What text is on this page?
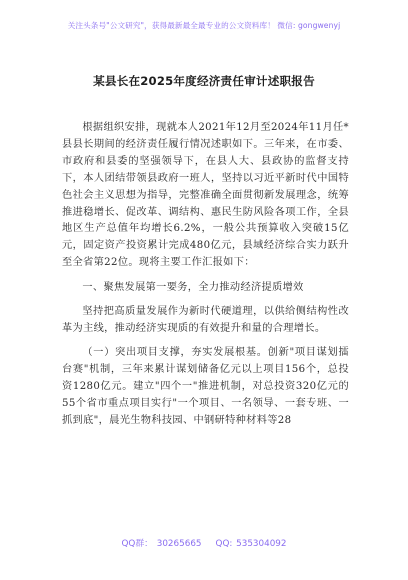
关注头条号"公文研究"，获得最新最全最专业的公文资料库！ 微信: gongwenyj
某县长在2025年度经济责任审计述职报告

根据组织安排，现就本人2021年12月至2024年11月任*县县长期间的经济责任履行情况述职如下。三年来，在市委、市政府和县委的坚强领导下，在县人大、县政协的监督支持下，本人团结带领县政府一班人，坚持以习近平新时代中国特色社会主义思想为指导，完整准确全面贯彻新发展理念，统筹推进稳增长、促改革、调结构、惠民生防风险各项工作，全县地区生产总值年均增长6.2%，一般公共预算收入突破15亿元，固定资产投资累计完成480亿元，县域经济综合实力跃升至全省第22位。现将主要工作汇报如下：

一、聚焦发展第一要务，全力推动经济提质增效

坚持把高质量发展作为新时代硬道理，以供给侧结构性改革为主线，推动经济实现质的有效提升和量的合理增长。

（一）突出项目支撑，夯实发展根基。创新"项目谋划擂台赛"机制，三年来累计谋划储备亿元以上项目156个，总投资1280亿元。建立"四个一"推进机制，对总投资320亿元的55个省市重点项目实行"一个项目、一名领导、一套专班、一抓到底"，晨光生物科技园、中钢研特种材料等28

QQ群： 30265665 QQ: 535304092
